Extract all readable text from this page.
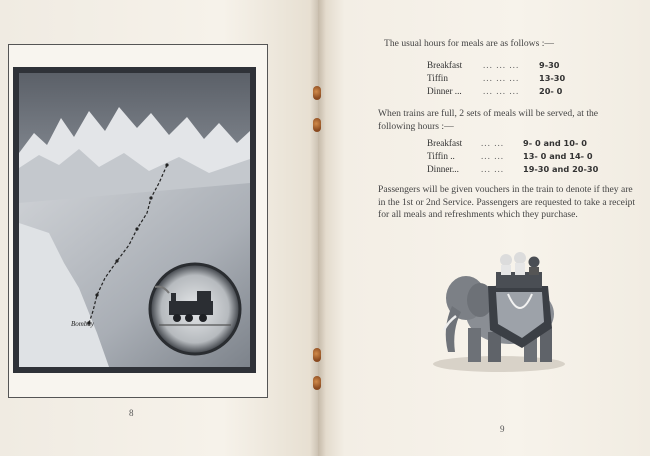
Bombay
8
The usual hours for meals are as follows :—
Breakfast ... ... ... 9-30
Tiffin	... ... ... 13-30
Dinner ... ... ... ... 20- 0
When trains are full, 2 sets of meals will be served, at the following hours :—
Breakfast ... ... 9- 0 and 10- 0
Tiffin ..	... ... 13- 0 and 14- 0
Dinner... ... ... 19-30 and 20-30
Passengers will be given vouchers in the train to denote if they are in the 1st or 2nd Service. Passengers are requested to take a receipt for all meals and refreshments which they purchase.
9
